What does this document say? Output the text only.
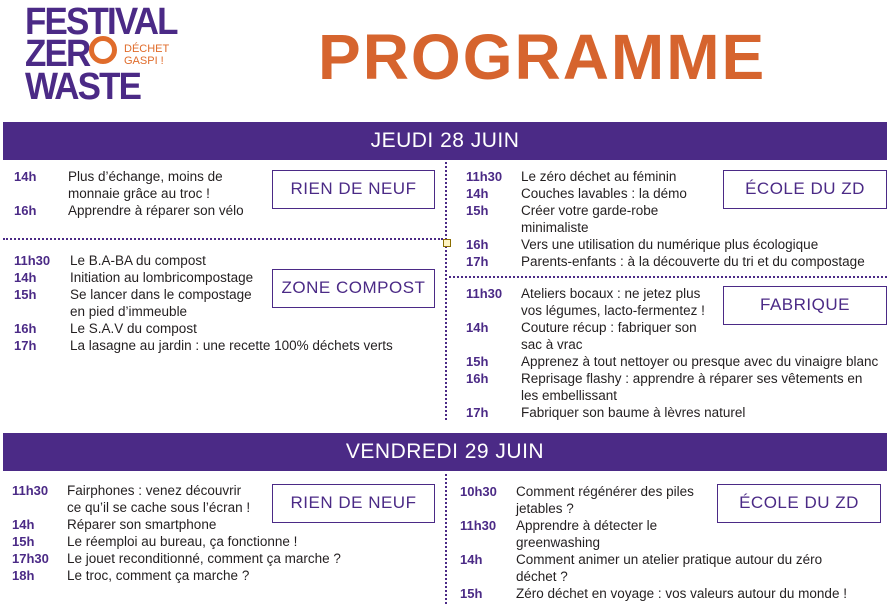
FESTIVAL
ZER	DÉCHET
GASPI !
WASTE	PROGRAMME
JEUDI 28 JUIN
RIEN DE NEUF
14h Plus d’échange, moins de
monnaie grâce au troc !
16h Apprendre à réparer son vélo
ÉCOLE DU ZD
11h30 Le zéro déchet au féminin
14h Couches lavables : la démo
15h Créer votre garde-robe
minimaliste
16h Vers une utilisation du numérique plus écologique
17h Parents-enfants : à la découverte du tri et du compostage
ZONE COMPOST
11h30 Le B.A-BA du compost
14h Initiation au lombricompostage
15h Se lancer dans le compostage
en pied d’immeuble
16h Le S.A.V du compost
17h La lasagne au jardin : une recette 100% déchets verts
FABRIQUE
11h30 Ateliers bocaux : ne jetez plus
vos légumes, lacto-fermentez !
14h Couture récup : fabriquer son
sac à vrac
15h Apprenez à tout nettoyer ou presque avec du vinaigre blanc
16h Reprisage flashy : apprendre à réparer ses vêtements en
les embellissant
17h Fabriquer son baume à lèvres naturel
VENDREDI 29 JUIN
RIEN DE NEUF
11h30 Fairphones : venez découvrir
ce qu’il se cache sous l’écran !
14h Réparer son smartphone
15h Le réemploi au bureau, ça fonctionne !
17h30 Le jouet reconditionné, comment ça marche ?
18h Le troc, comment ça marche ?
ÉCOLE DU ZD
10h30 Comment régénérer des piles
jetables ?
11h30 Apprendre à détecter le
greenwashing
14h Comment animer un atelier pratique autour du zéro
déchet ?
15h Zéro déchet en voyage : vos valeurs autour du monde !
